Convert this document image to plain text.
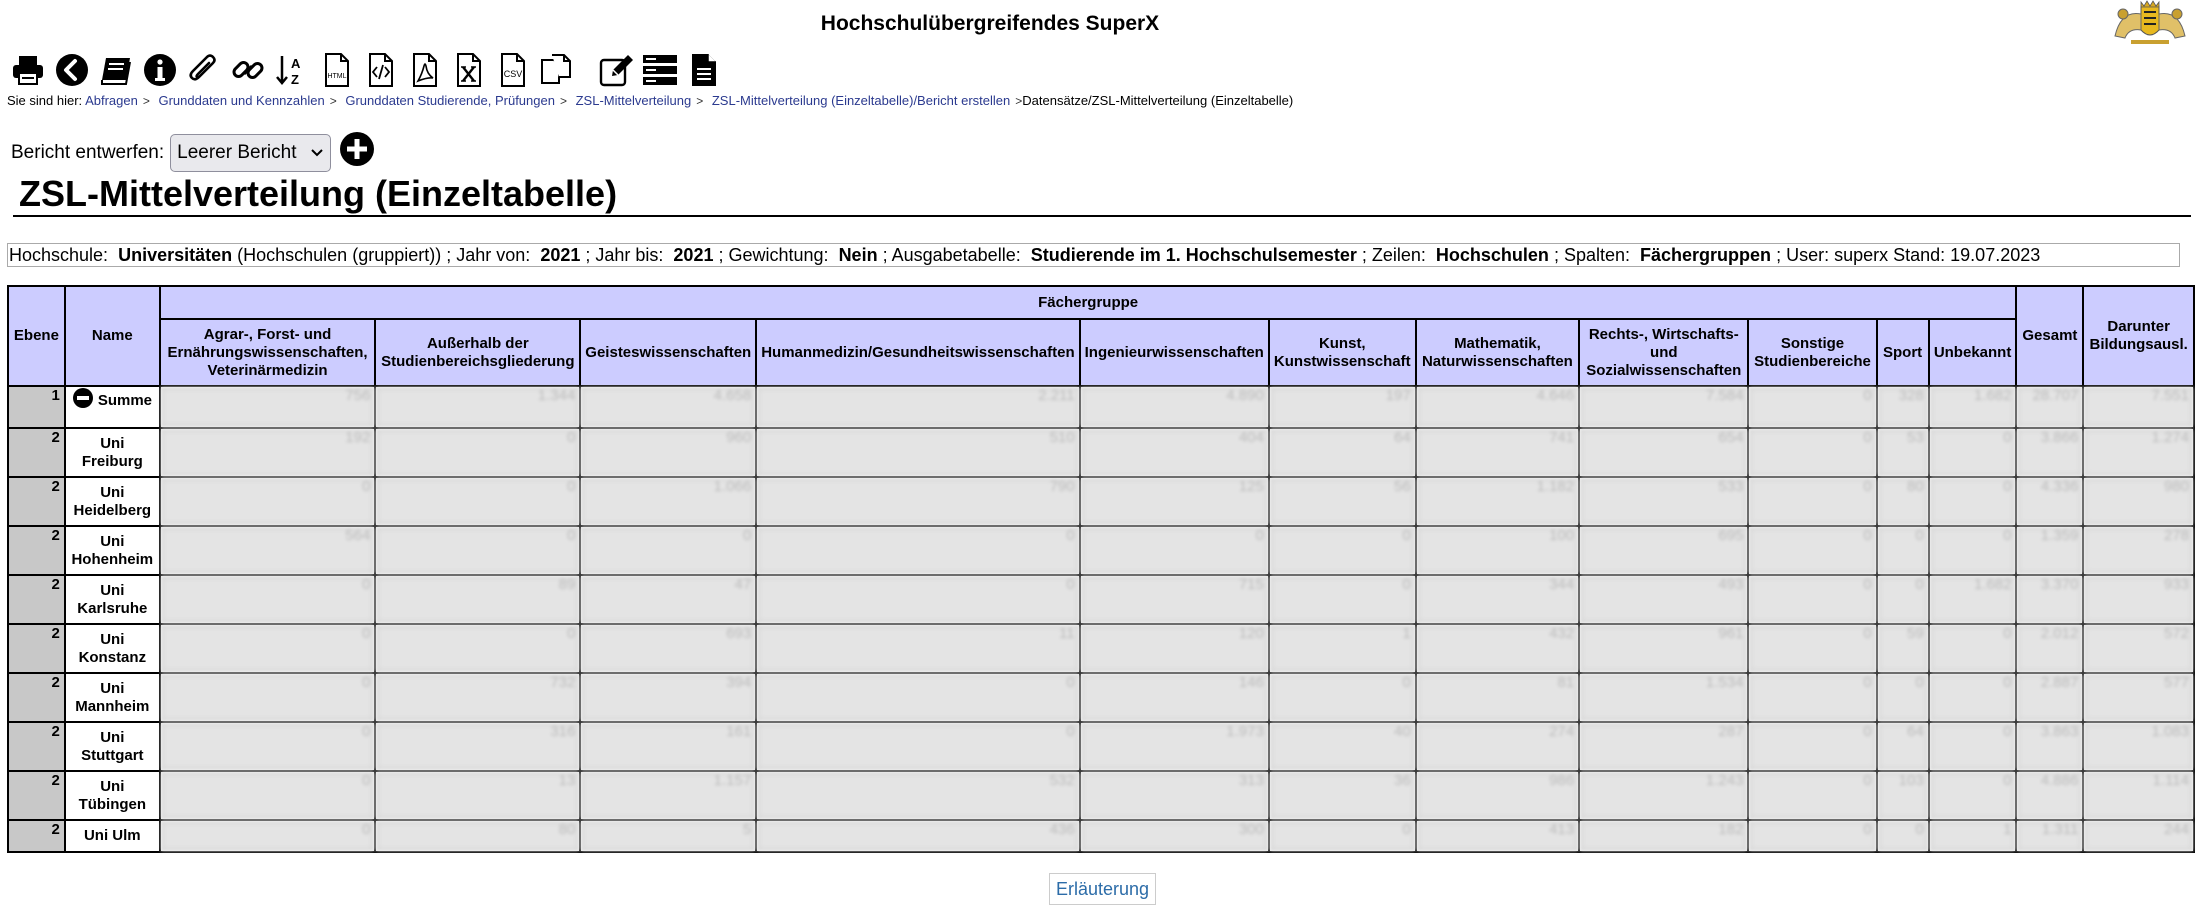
Hochschulübergreifendes SuperX
A
Z	HTML	CSV
Sie sind hier: Abfragen > Grunddaten und Kennzahlen > Grunddaten Studierende, Prüfungen > ZSL-Mittelverteilung > ZSL-Mittelverteilung (Einzeltabelle)/Bericht erstellen >Datensätze/ZSL-Mittelverteilung (Einzeltabelle)
Bericht entwerfen: Leerer Bericht
ZSL-Mittelverteilung (Einzeltabelle)
Hochschule: Universitäten (Hochschulen (gruppiert)) ; Jahr von: 2021 ; Jahr bis: 2021 ; Gewichtung: Nein ; Ausgabetabelle: Studierende im 1. Hochschulsemester ; Zeilen: Hochschulen ; Spalten: Fächergruppen ; User: superx Stand: 19.07.2023
Ebene	Name	Fächergruppe											Gesamt	Darunter Bildungsausl.
		Agrar-, Forst- und Ernährungswissenschaften, Veterinärmedizin	Außerhalb der Studienbereichsgliederung	Geisteswissenschaften	Humanmedizin/Gesundheitswissenschaften	Ingenieurwissenschaften	Kunst, Kunstwissenschaft	Mathematik, Naturwissenschaften	Rechts-, Wirtschafts- und Sozialwissenschaften	Sonstige Studienbereiche	Sport	Unbekannt		
1	Summe	756	1.344	4.658	2.211	4.890	197	4.646	7.584	0	328	1.682	28.707	7.551
2	Uni Freiburg	192	0	960	510	404	64	741	654	0	53	0	3.866	1.274
2	Uni Heidelberg	0	0	1.066	790	125	56	1.182	533	0	80	0	4.336	980
2	Uni Hohenheim	564	0	0	0	0	0	100	695	0	0	0	1.359	278
2	Uni Karlsruhe	0	89	47	0	715	0	344	493	0	0	1.682	3.370	933
2	Uni Konstanz	0	0	693	11	120	1	432	961	0	59	0	2.012	572
2	Uni Mannheim	0	732	394	0	146	0	81	1.534	0	0	0	2.887	577
2	Uni Stuttgart	0	316	161	0	1.973	40	274	287	0	64	0	3.863	1.083
2	Uni Tübingen	0	13	1.157	532	313	36	986	1.243	0	103	0	4.886	1.114
2	Uni Ulm	0	80	5	436	300	0	413	182	0	0	1	1.311	244
Erläuterung
